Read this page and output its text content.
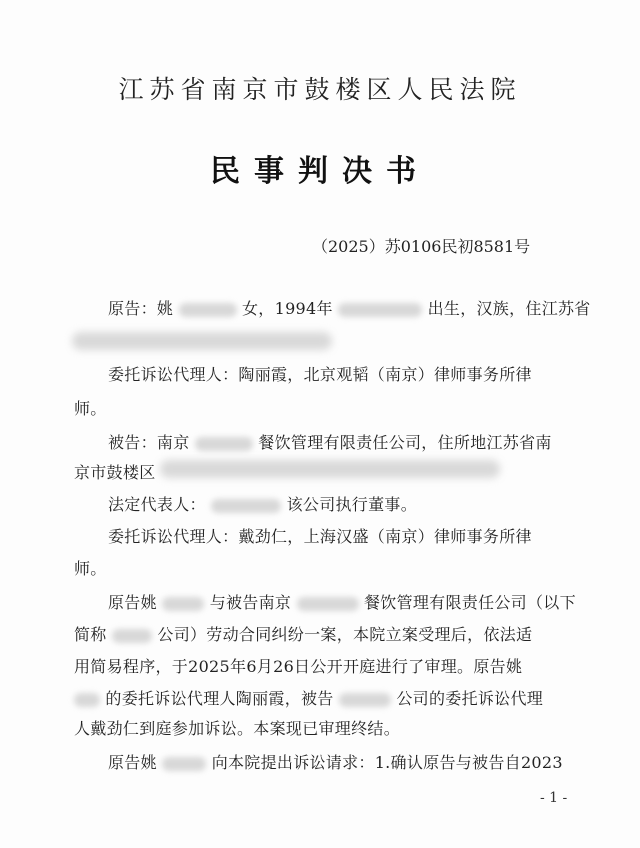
江苏省南京市鼓楼区人民法院
民事判决书
（2025）苏0106民初8581号
原告：姚	女，1994年	出生，汉族，住江苏省
委托诉讼代理人：陶丽霞，北京观韬（南京）律师事务所律
师。
被告：南京	餐饮管理有限责任公司，住所地江苏省南
京市鼓楼区
法定代表人：	该公司执行董事。
委托诉讼代理人：戴劲仁，上海汉盛（南京）律师事务所律
师。
原告姚	与被告南京	餐饮管理有限责任公司（以下
简称	公司）劳动合同纠纷一案，本院立案受理后，依法适
用简易程序，于2025年6月26日公开开庭进行了审理。原告姚
的委托诉讼代理人陶丽霞，被告	公司的委托诉讼代理
人戴劲仁到庭参加诉讼。本案现已审理终结。
原告姚	向本院提出诉讼请求：1.确认原告与被告自2023
- 1 -
